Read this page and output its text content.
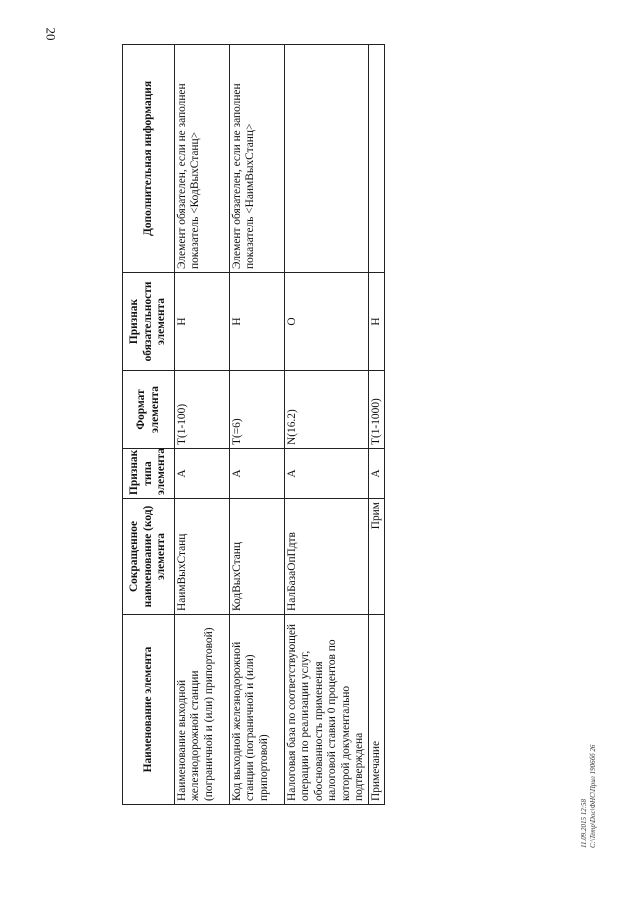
20
Наименование элемента	Сокращенное наименование (код) элемента	Признак типа элемента	Формат элемента	Признак обязательности элемента	Дополнительная информация
Наименование выходной железнодорожной станции (пограничной и (или) припортовой)	НаимВыхСтанц	А	T(1-100)	Н	Элемент обязателен, если не заполнен показатель <КодВыхСтанц>
Код выходной железнодорожной станции (пограничной и (или) припортовой)	КодВыхСтанц	А	T(=6)	Н	Элемент обязателен, если не заполнен показатель <НаимВыхСтанц>
Налоговая база по соответствующей операции по реализации услуг, обоснованность применения налоговой ставки 0 процентов по которой документально подтверждена	НалБазаОпПдтв	А	N(16.2)	О	
Примечание	Прим	А	T(1-1000)	Н	
11.09.2015 12:58 C:\Temp\Doc\ФНС\Прил 1906бб 26
